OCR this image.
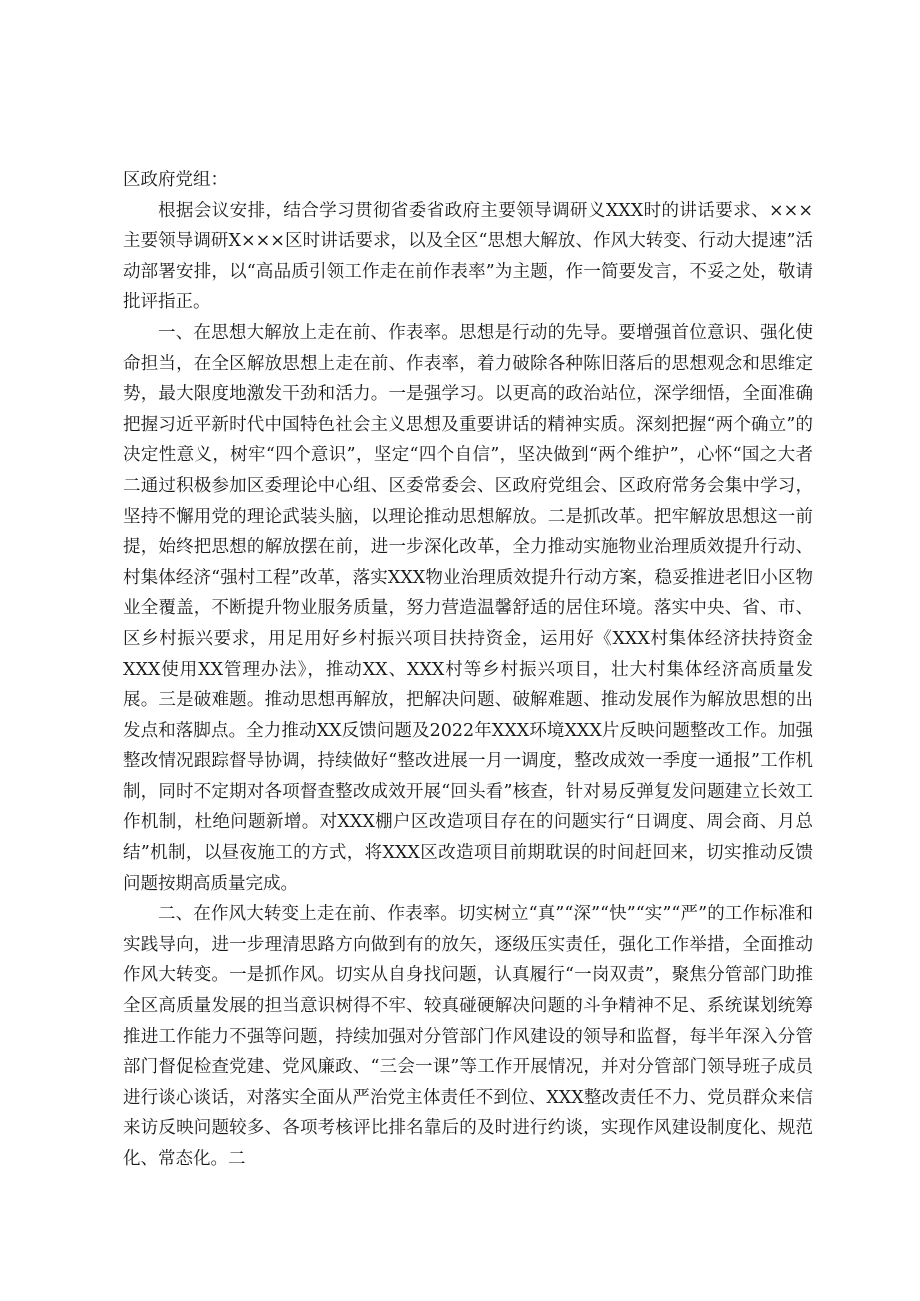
区政府党组：

根据会议安排，结合学习贯彻省委省政府主要领导调研义XXX时的讲话要求、×××主要领导调研X×××区时讲话要求，以及全区“思想大解放、作风大转变、行动大提速”活动部署安排，以“高品质引领工作走在前作表率”为主题，作一简要发言，不妥之处，敬请批评指正。

一、在思想大解放上走在前、作表率。思想是行动的先导。要增强首位意识、强化使命担当，在全区解放思想上走在前、作表率，着力破除各种陈旧落后的思想观念和思维定势，最大限度地激发干劲和活力。一是强学习。以更高的政治站位，深学细悟，全面准确把握习近平新时代中国特色社会主义思想及重要讲话的精神实质。深刻把握“两个确立”的决定性意义，树牢“四个意识”，坚定“四个自信”，坚决做到“两个维护”，心怀“国之大者二通过积极参加区委理论中心组、区委常委会、区政府党组会、区政府常务会集中学习，坚持不懈用党的理论武装头脑，以理论推动思想解放。二是抓改革。把牢解放思想这一前提，始终把思想的解放摆在前，进一步深化改革，全力推动实施物业治理质效提升行动、村集体经济“强村工程”改革，落实XXX物业治理质效提升行动方案，稳妥推进老旧小区物业全覆盖，不断提升物业服务质量，努力营造温馨舒适的居住环境。落实中央、省、市、区乡村振兴要求，用足用好乡村振兴项目扶持资金，运用好《XXX村集体经济扶持资金XXX使用XX管理办法》，推动XX、XXX村等乡村振兴项目，壮大村集体经济高质量发展。三是破难题。推动思想再解放，把解决问题、破解难题、推动发展作为解放思想的出发点和落脚点。全力推动XX反馈问题及2022年XXX环境XXX片反映问题整改工作。加强整改情况跟踪督导协调，持续做好“整改进展一月一调度，整改成效一季度一通报”工作机制，同时不定期对各项督查整改成效开展“回头看”核查，针对易反弹复发问题建立长效工作机制，杜绝问题新增。对XXX棚户区改造项目存在的问题实行“日调度、周会商、月总结”机制，以昼夜施工的方式，将XXX区改造项目前期耽误的时间赶回来，切实推动反馈问题按期高质量完成。

二、在作风大转变上走在前、作表率。切实树立“真”“深”“快”“实”“严”的工作标准和实践导向，进一步理清思路方向做到有的放矢，逐级压实责任，强化工作举措，全面推动作风大转变。一是抓作风。切实从自身找问题，认真履行“一岗双责”，聚焦分管部门助推全区高质量发展的担当意识树得不牢、较真碰硬解决问题的斗争精神不足、系统谋划统筹推进工作能力不强等问题，持续加强对分管部门作风建设的领导和监督，每半年深入分管部门督促检查党建、党风廉政、“三会一课”等工作开展情况，并对分管部门领导班子成员进行谈心谈话，对落实全面从严治党主体责任不到位、XXX整改责任不力、党员群众来信来访反映问题较多、各项考核评比排名靠后的及时进行约谈，实现作风建设制度化、规范化、常态化。二
